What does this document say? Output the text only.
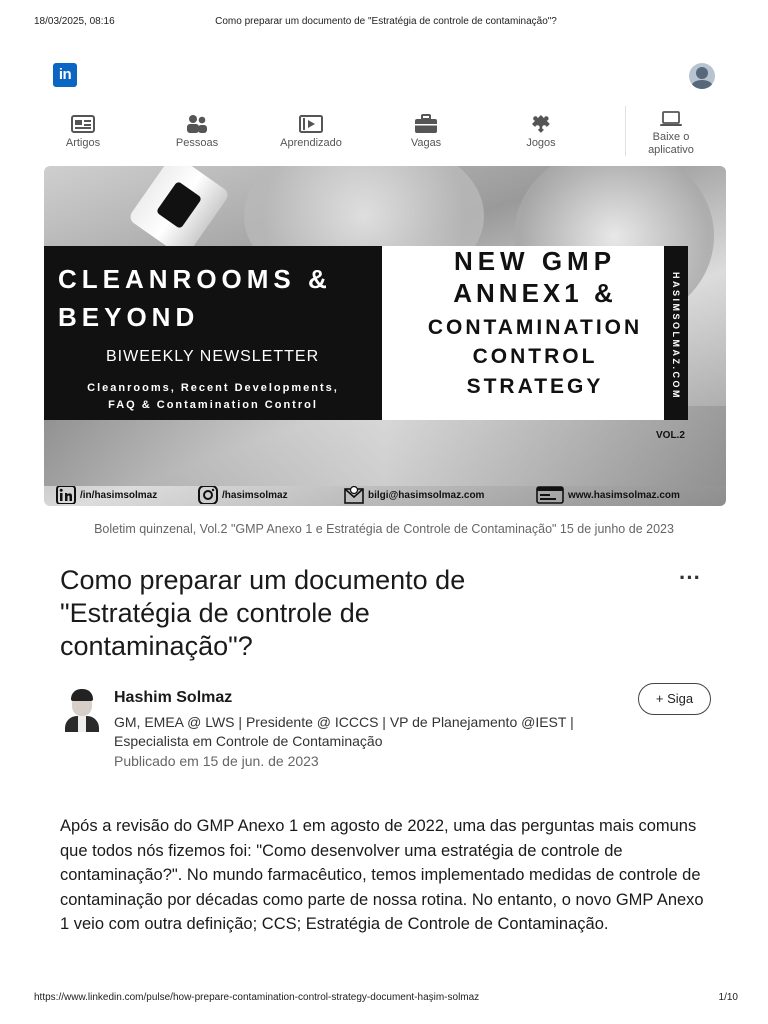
18/03/2025, 08:16	Como preparar um documento de "Estratégia de controle de contaminação"?
in
Artigos	Pessoas	Aprendizado	Vagas	Jogos	Baixe o
aplicativo
CLEANROOMS &
BEYOND
BIWEEKLY NEWSLETTER
Cleanrooms, Recent Developments,
FAQ & Contamination Control
NEW GMP
ANNEX1 &
CONTAMINATION
CONTROL
STRATEGY	HASIMSOLMAZ.COM
VOL.2
/in/hasimsolmaz	/hasimsolmaz	bilgi@hasimsolmaz.com	www.hasimsolmaz.com
Boletim quinzenal, Vol.2 "GMP Anexo 1 e Estratégia de Controle de Contaminação" 15 de junho de 2023
Como preparar um documento de
"Estratégia de controle de
contaminação"?
···
Hashim Solmaz
GM, EMEA @ LWS | Presidente @ ICCCS | VP de Planejamento @IEST | Especialista em Controle de Contaminação
Publicado em 15 de jun. de 2023
+ Siga

Após a revisão do GMP Anexo 1 em agosto de 2022, uma das perguntas mais comuns que todos nós fizemos foi: "Como desenvolver uma estratégia de controle de contaminação?". No mundo farmacêutico, temos implementado medidas de controle de contaminação por décadas como parte de nossa rotina. No entanto, o novo GMP Anexo 1 veio com outra definição; CCS; Estratégia de Controle de Contaminação.

https://www.linkedin.com/pulse/how-prepare-contamination-control-strategy-document-haşim-solmaz	1/10
